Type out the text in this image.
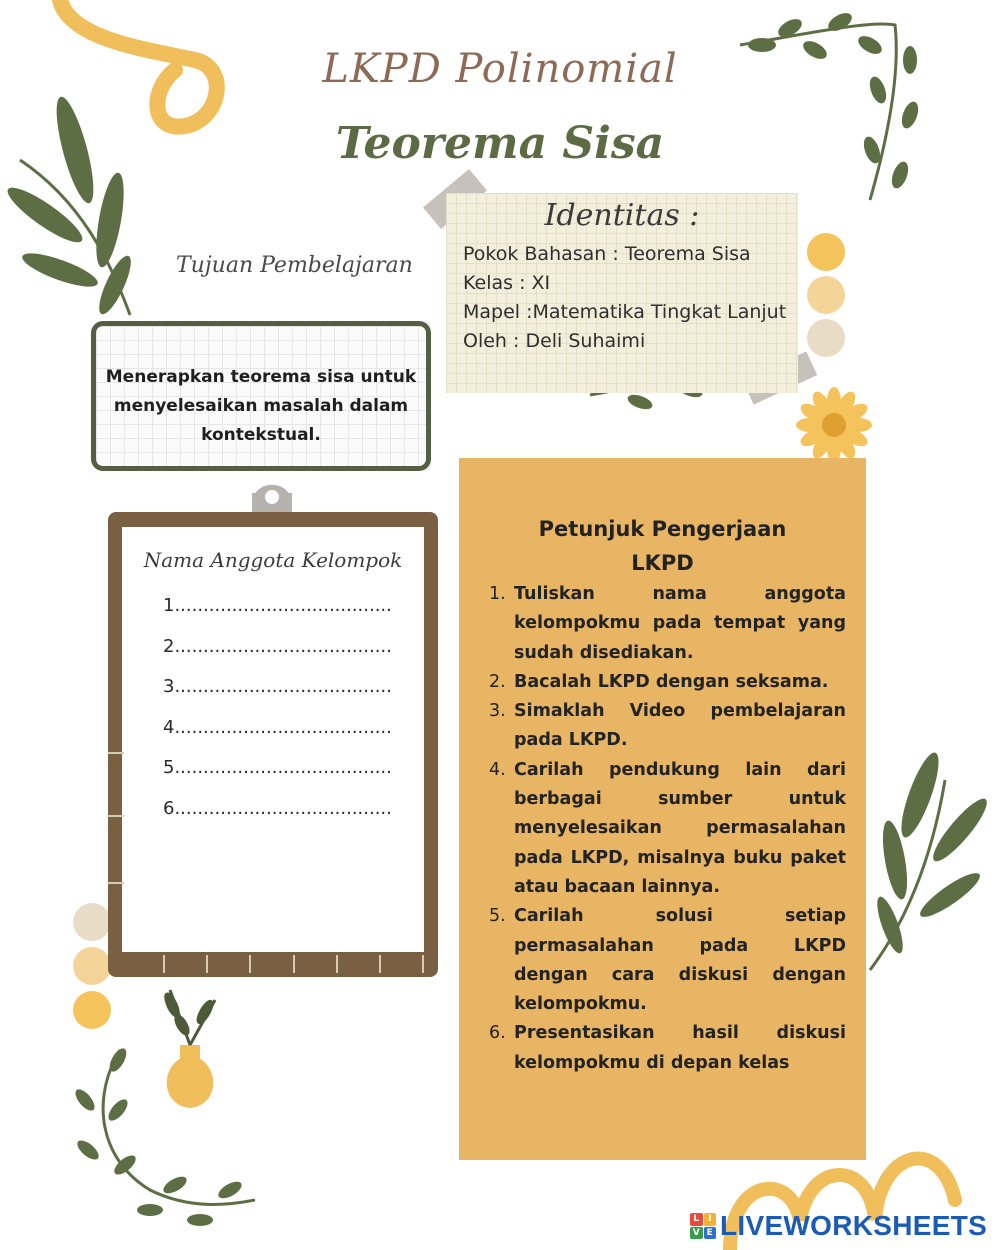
LKPD Polinomial
Teorema Sisa
Identitas :
Pokok Bahasan : Teorema Sisa
Kelas : XI
Mapel :Matematika Tingkat Lanjut
Oleh : Deli Suhaimi
Tujuan Pembelajaran
Menerapkan teorema sisa untuk menyelesaikan masalah dalam kontekstual.
Nama Anggota Kelompok
1......................................
2......................................
3......................................
4......................................
5......................................
6......................................
Petunjuk Pengerjaan
LKPD
1. Tuliskan nama anggota kelompokmu pada tempat yang sudah disediakan.
2. Bacalah LKPD dengan seksama.
3. Simaklah Video pembelajaran pada LKPD.
4. Carilah pendukung lain dari berbagai sumber untuk menyelesaikan permasalahan pada LKPD, misalnya buku paket atau bacaan lainnya.
5. Carilah solusi setiap permasalahan pada LKPD dengan cara diskusi dengan kelompokmu.
6. Presentasikan hasil diskusi kelompokmu di depan kelas
L I
V E LIVEWORKSHEETS
